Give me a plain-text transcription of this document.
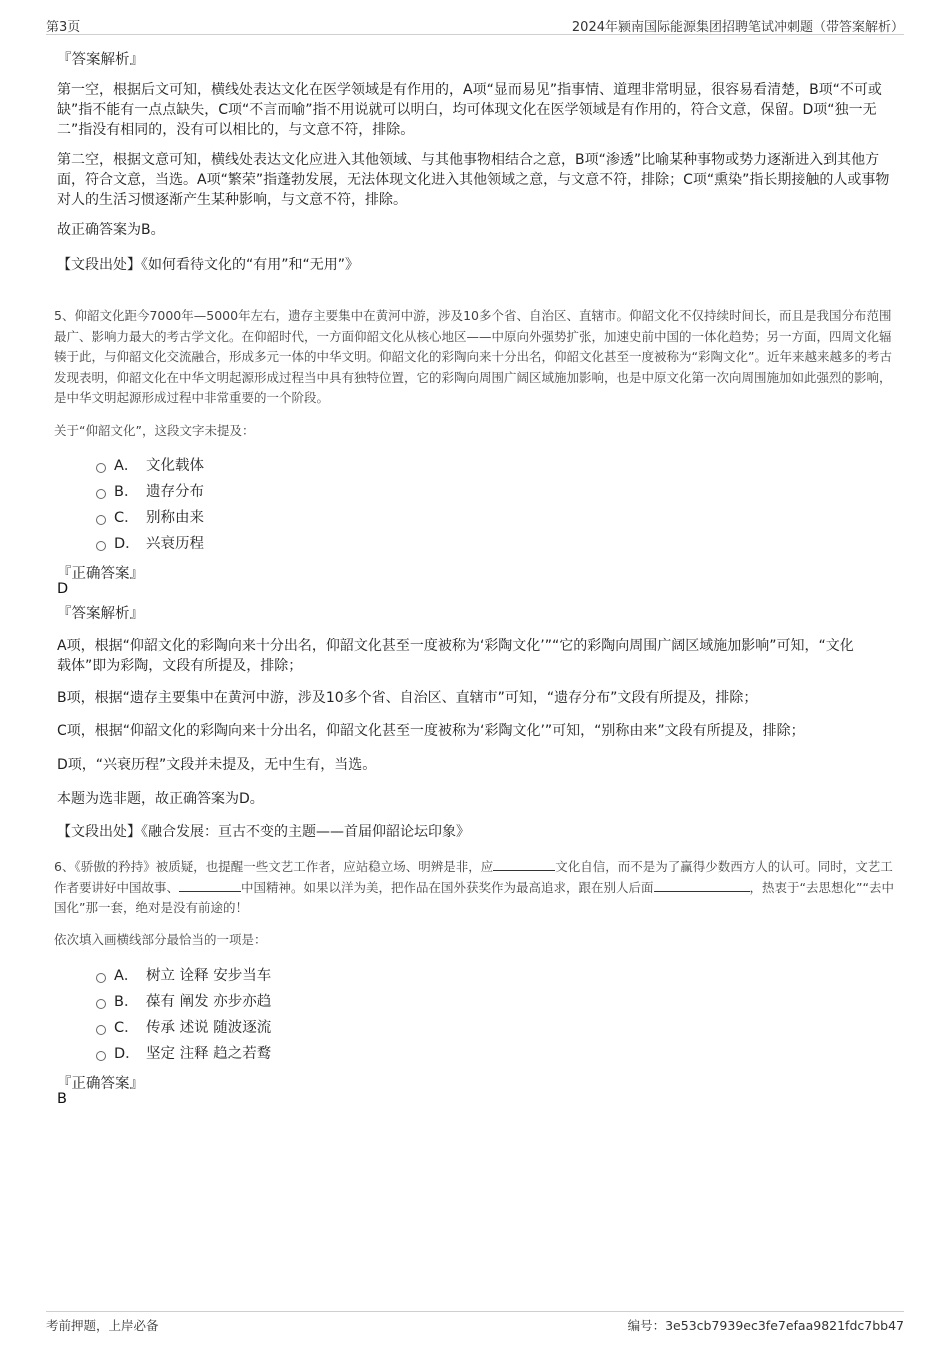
第3页	2024年颍南国际能源集团招聘笔试冲刺题（带答案解析）
『答案解析』
第一空，根据后文可知，横线处表达文化在医学领域是有作用的，A项“显而易见”指事情、道理非常明显，很容易看清楚，B项“不可或缺”指不能有一点点缺失，C项“不言而喻”指不用说就可以明白，均可体现文化在医学领域是有作用的，符合文意，保留。D项“独一无二”指没有相同的，没有可以相比的，与文意不符，排除。
第二空，根据文意可知，横线处表达文化应进入其他领域、与其他事物相结合之意，B项“渗透”比喻某种事物或势力逐渐进入到其他方面，符合文意，当选。A项“繁荣”指蓬勃发展，无法体现文化进入其他领域之意，与文意不符，排除；C项“熏染”指长期接触的人或事物对人的生活习惯逐渐产生某种影响，与文意不符，排除。
故正确答案为B。
【文段出处】《如何看待文化的“有用”和“无用”》
5、仰韶文化距今7000年—5000年左右，遗存主要集中在黄河中游，涉及10多个省、自治区、直辖市。仰韶文化不仅持续时间长，而且是我国分布范围最广、影响力最大的考古学文化。在仰韶时代，一方面仰韶文化从核心地区——中原向外强势扩张，加速史前中国的一体化趋势；另一方面，四周文化辐辏于此，与仰韶文化交流融合，形成多元一体的中华文明。仰韶文化的彩陶向来十分出名，仰韶文化甚至一度被称为“彩陶文化”。近年来越来越多的考古发现表明，仰韶文化在中华文明起源形成过程当中具有独特位置，它的彩陶向周围广阔区域施加影响，也是中原文化第一次向周围施加如此强烈的影响，是中华文明起源形成过程中非常重要的一个阶段。
关于“仰韶文化”，这段文字未提及：
A． 文化载体
B． 遗存分布
C． 别称由来
D． 兴衰历程
『正确答案』
D
『答案解析』
A项，根据“仰韶文化的彩陶向来十分出名，仰韶文化甚至一度被称为‘彩陶文化’”“它的彩陶向周围广阔区域施加影响”可知，“文化载体”即为彩陶，文段有所提及，排除；
B项，根据“遗存主要集中在黄河中游，涉及10多个省、自治区、直辖市”可知，“遗存分布”文段有所提及，排除；
C项，根据“仰韶文化的彩陶向来十分出名，仰韶文化甚至一度被称为‘彩陶文化’”可知，“别称由来”文段有所提及，排除；
D项，“兴衰历程”文段并未提及，无中生有，当选。
本题为选非题，故正确答案为D。
【文段出处】《融合发展：亘古不变的主题——首届仰韶论坛印象》
6、《骄傲的矜持》被质疑，也提醒一些文艺工作者，应站稳立场、明辨是非，应	文化自信，而不是为了赢得少数西方人的认可。同时，文艺工作者要讲好中国故事、	中国精神。如果以洋为美，把作品在国外获奖作为最高追求，跟在别人后面	，热衷于“去思想化”“去中国化”那一套，绝对是没有前途的！
依次填入画横线部分最恰当的一项是：
A． 树立 诠释 安步当车
B． 葆有 阐发 亦步亦趋
C． 传承 述说 随波逐流
D． 坚定 注释 趋之若鹜
『正确答案』
B
考前押题，上岸必备	编号：3e53cb7939ec3fe7efaa9821fdc7bb47
